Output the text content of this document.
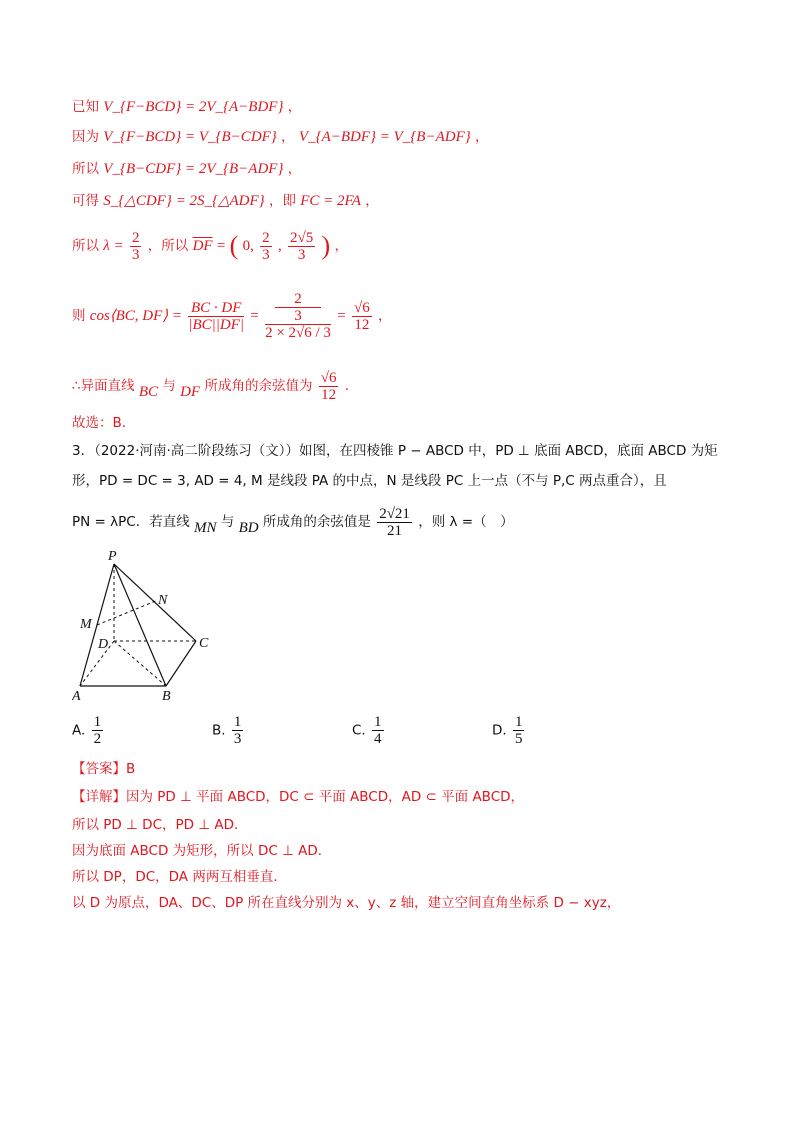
已知 V_{F−BCD} = 2V_{A−BDF} ，
因为 V_{F−BCD} = V_{B−CDF} ， V_{A−BDF} = V_{B−ADF} ，
所以 V_{B−CDF} = 2V_{B−ADF} ，
可得 S_{△CDF} = 2S_{△ADF} ，即 FC = 2FA ，
所以 $\lambda = \frac{2}{3}$ ，所以 $\overline{DF}$ = ( 0, $\frac{2}{3}$ , $\frac{2√5}{3}$ ) ，
则 cos⟨BC, DF⟩ = $\frac{BC \cdot DF}{|BC||DF|} = 2$
3
$2 \times 2√6 / 3 = \frac{√6}{12}$ ，
∴异面直线 BC 与 DF 所成角的余弦值为 $\frac{√6}{12}$ .
故选：B.
3．（2022·河南·高二阶段练习（文））如图，在四棱锥 P − ABCD 中，PD ⊥ 底面 ABCD，底面 ABCD 为矩
形，PD = DC = 3, AD = 4, M 是线段 PA 的中点，N 是线段 PC 上一点（不与 P,C 两点重合），且
PN = λPC．若直线 MN 与 BD 所成角的余弦值是 $\frac{2√21}{21}$ ，则 λ =（　）
P
N
M
D	C
A	B
A. $\frac{1}{2}$	B. $\frac{1}{3}$	C. $\frac{1}{4}$	D. $\frac{1}{5}$
【答案】B
【详解】因为 PD ⊥ 平面 ABCD，DC ⊂ 平面 ABCD，AD ⊂ 平面 ABCD，
所以 PD ⊥ DC，PD ⊥ AD．
因为底面 ABCD 为矩形，所以 DC ⊥ AD．
所以 DP，DC，DA 两两互相垂直．
以 D 为原点，DA、DC、DP 所在直线分别为 x、y、z 轴，建立空间直角坐标系 D − xyz，
